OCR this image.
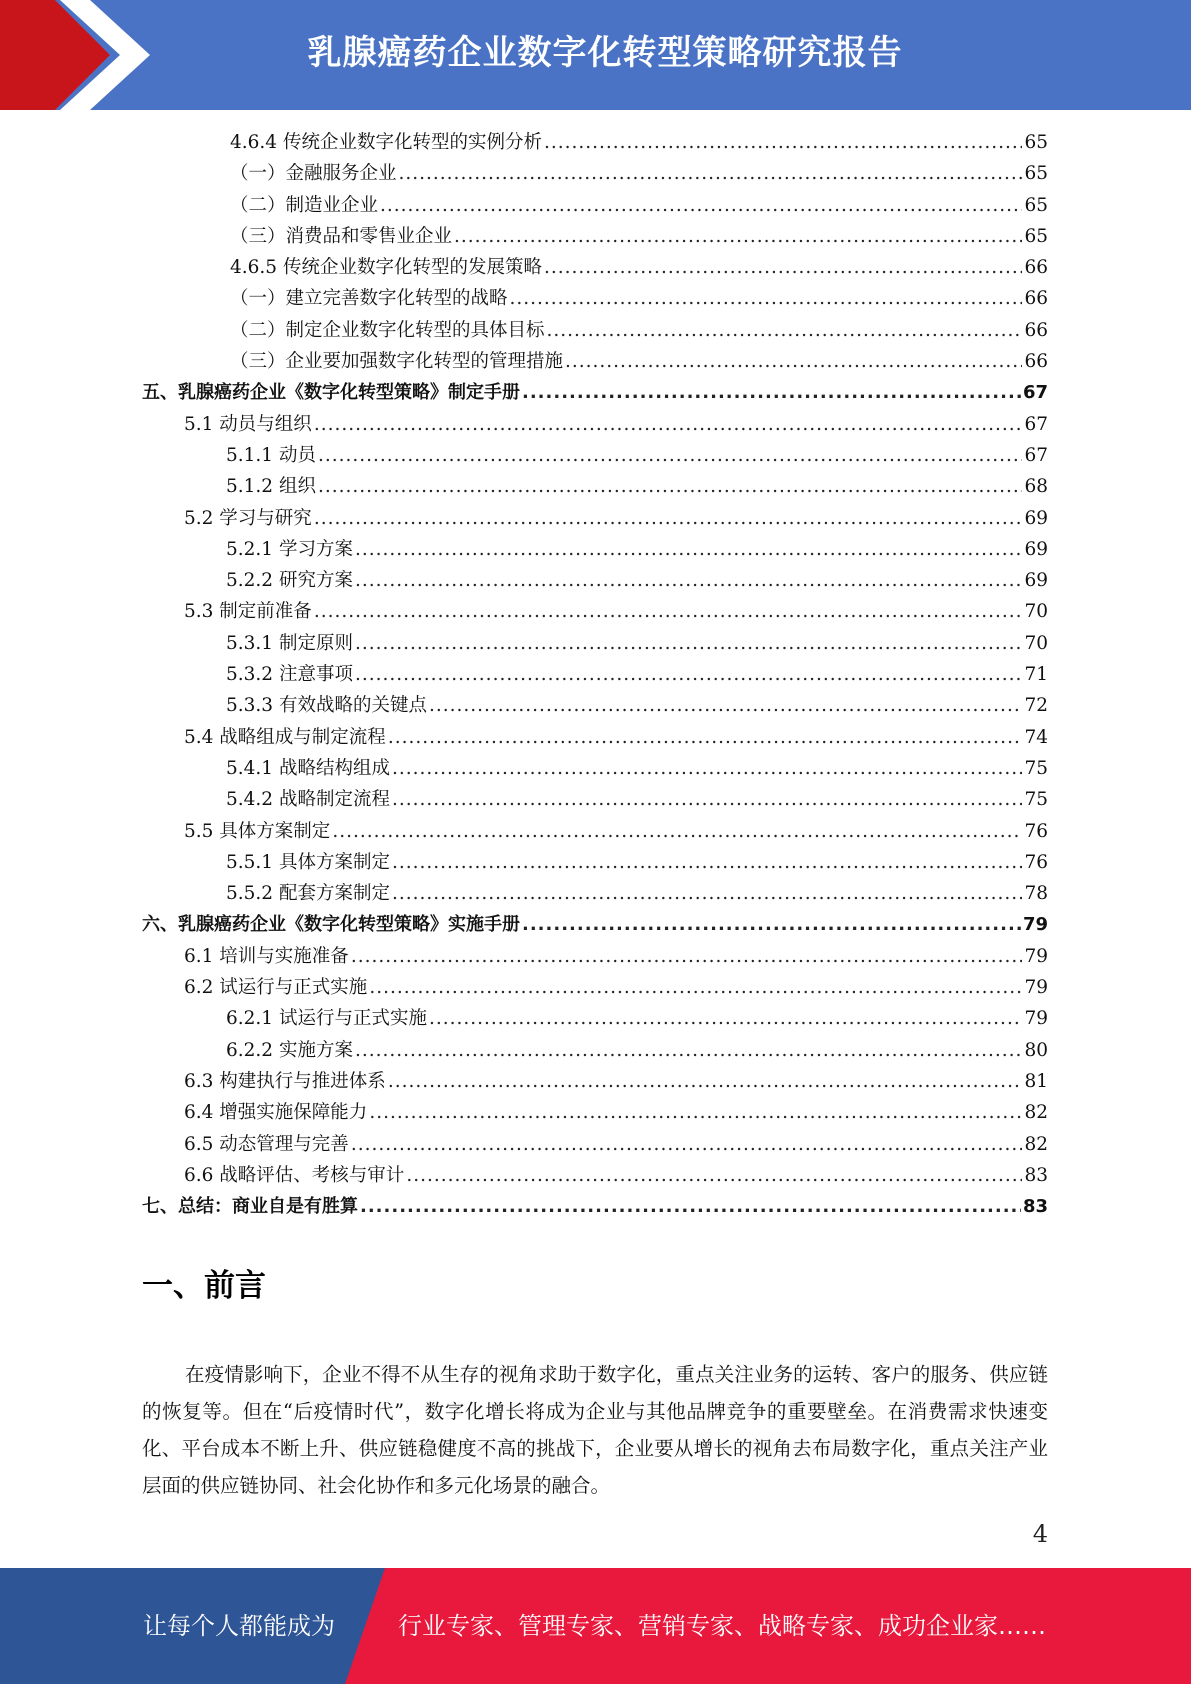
乳腺癌药企业数字化转型策略研究报告
4.6.4 传统企业数字化转型的实例分析 .....	65
（一）金融服务企业 .....	65
（二）制造业企业 .....	65
（三）消费品和零售业企业 .....	65
4.6.5 传统企业数字化转型的发展策略 .....	66
（一）建立完善数字化转型的战略 .....	66
（二）制定企业数字化转型的具体目标 .....	66
（三）企业要加强数字化转型的管理措施 .....	66
五、乳腺癌药企业《数字化转型策略》制定手册 .....	67
5.1 动员与组织 .....	67
5.1.1 动员 .....	67
5.1.2 组织 .....	68
5.2 学习与研究 .....	69
5.2.1 学习方案 .....	69
5.2.2 研究方案 .....	69
5.3 制定前准备 .....	70
5.3.1 制定原则 .....	70
5.3.2 注意事项 .....	71
5.3.3 有效战略的关键点 .....	72
5.4 战略组成与制定流程 .....	74
5.4.1 战略结构组成 .....	75
5.4.2 战略制定流程 .....	75
5.5 具体方案制定 .....	76
5.5.1 具体方案制定 .....	76
5.5.2 配套方案制定 .....	78
六、乳腺癌药企业《数字化转型策略》实施手册 .....	79
6.1 培训与实施准备 .....	79
6.2 试运行与正式实施 .....	79
6.2.1 试运行与正式实施 .....	79
6.2.2 实施方案 .....	80
6.3 构建执行与推进体系 .....	81
6.4 增强实施保障能力 .....	82
6.5 动态管理与完善 .....	82
6.6 战略评估、考核与审计 .....	83
七、总结：商业自是有胜算 .....	83
一、前言
在疫情影响下，企业不得不从生存的视角求助于数字化，重点关注业务的运转、客户的服务、供应链的恢复等。但在“后疫情时代”，数字化增长将成为企业与其他品牌竞争的重要壁垒。在消费需求快速变化、平台成本不断上升、供应链稳健度不高的挑战下，企业要从增长的视角去布局数字化，重点关注产业层面的供应链协同、社会化协作和多元化场景的融合。
4
让每个人都能成为	行业专家、管理专家、营销专家、战略专家、成功企业家……
